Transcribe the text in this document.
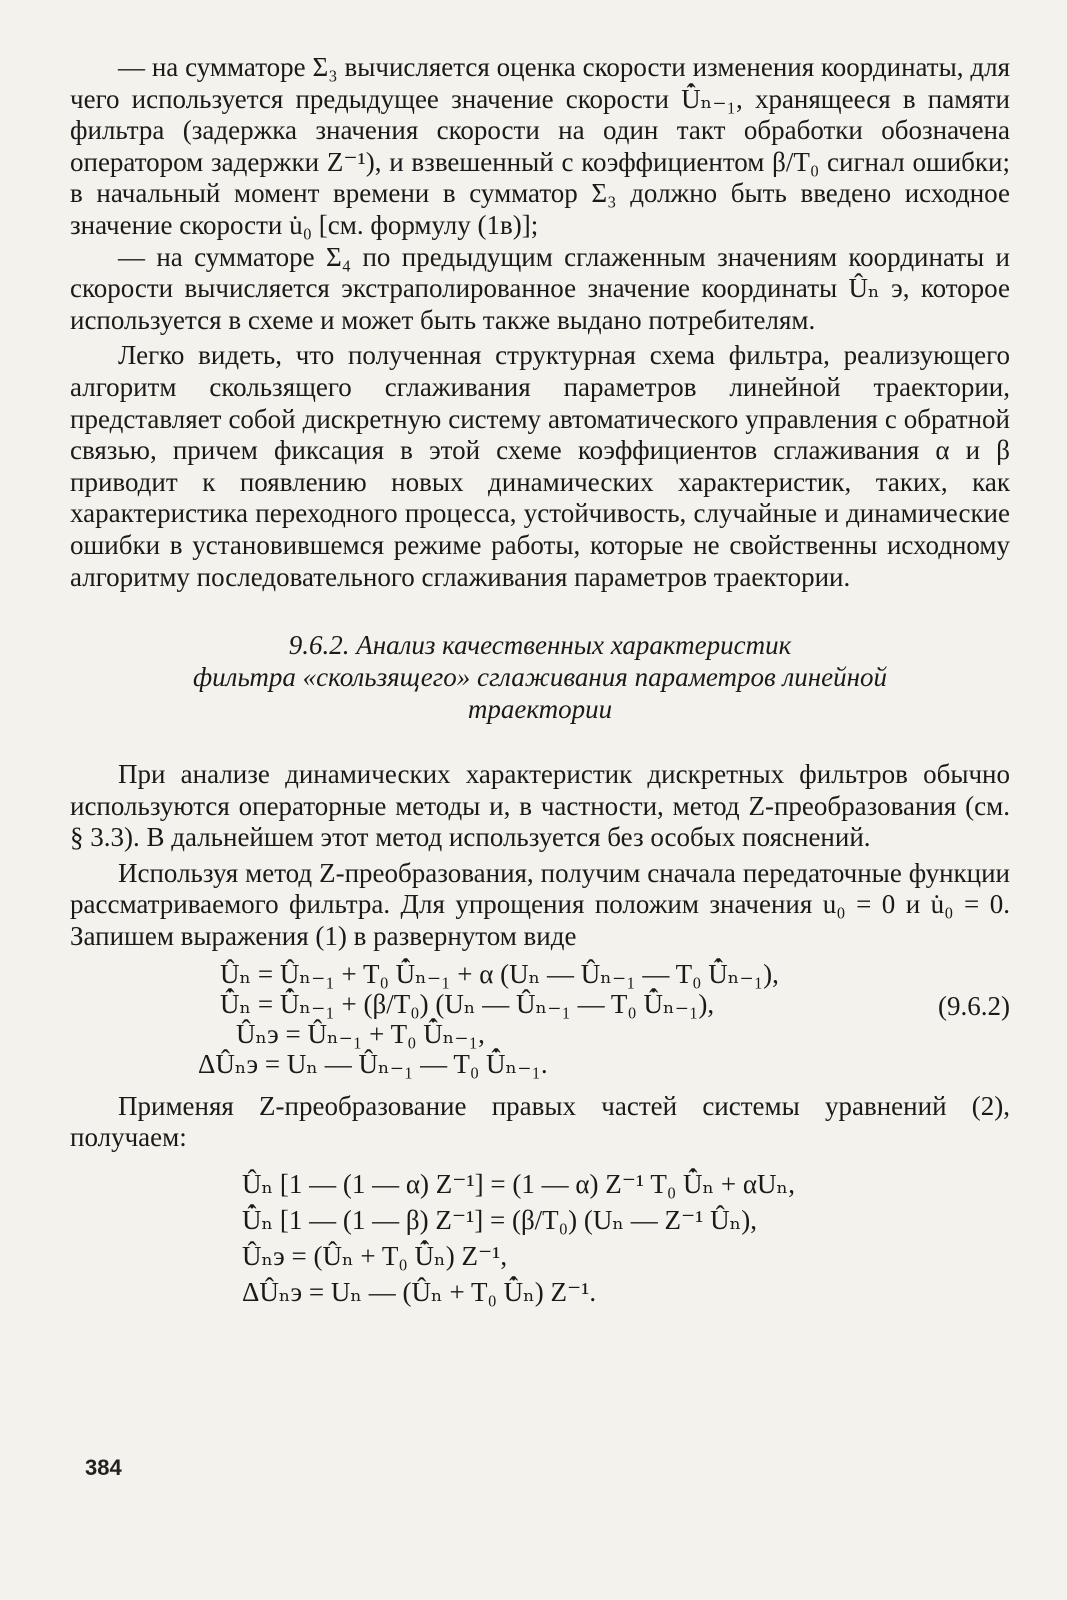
— на сумматоре Σ₃ вычисляется оценка скорости изменения координаты, для чего используется предыдущее значение скорости U̇̂ₙ₋₁, хранящееся в памяти фильтра (задержка значения скорости на один такт обработки обозначена оператором задержки Z⁻¹), и взвешенный с коэффициентом β/T₀ сигнал ошибки; в начальный момент времени в сумматор Σ₃ должно быть введено исходное значение скорости u̇₀ [см. формулу (1в)];

— на сумматоре Σ₄ по предыдущим сглаженным значениям координаты и скорости вычисляется экстраполированное значение координаты Ûₙ э, которое используется в схеме и может быть также выдано потребителям.

Легко видеть, что полученная структурная схема фильтра, реализующего алгоритм скользящего сглаживания параметров линейной траектории, представляет собой дискретную систему автоматического управления с обратной связью, причем фиксация в этой схеме коэффициентов сглаживания α и β приводит к появлению новых динамических характеристик, таких, как характеристика переходного процесса, устойчивость, случайные и динамические ошибки в установившемся режиме работы, которые не свойственны исходному алгоритму последовательного сглаживания параметров траектории.

9.6.2. Анализ качественных характеристик
фильтра «скользящего» сглаживания параметров линейной
траектории

При анализе динамических характеристик дискретных фильтров обычно используются операторные методы и, в частности, метод Z-преобразования (см. § 3.3). В дальнейшем этот метод используется без особых пояснений.

Используя метод Z-преобразования, получим сначала передаточные функции рассматриваемого фильтра. Для упрощения положим значения u₀ = 0 и u̇₀ = 0. Запишем выражения (1) в развернутом виде

Ûₙ = Ûₙ₋₁ + T₀ U̇̂ₙ₋₁ + α (Uₙ — Ûₙ₋₁ — T₀ U̇̂ₙ₋₁),
U̇̂ₙ = U̇̂ₙ₋₁ + (β/T₀) (Uₙ — Ûₙ₋₁ — T₀ U̇̂ₙ₋₁),
Ûₙэ = Ûₙ₋₁ + T₀ U̇̂ₙ₋₁,
ΔÛₙэ = Uₙ — Ûₙ₋₁ — T₀ U̇̂ₙ₋₁.
(9.6.2)

Применяя Z-преобразование правых частей системы уравнений (2), получаем:

Ûₙ [1 — (1 — α) Z⁻¹] = (1 — α) Z⁻¹ T₀ U̇̂ₙ + αUₙ,
U̇̂ₙ [1 — (1 — β) Z⁻¹] = (β/T₀) (Uₙ — Z⁻¹ Ûₙ),
Ûₙэ = (Ûₙ + T₀ U̇̂ₙ) Z⁻¹,
ΔÛₙэ = Uₙ — (Ûₙ + T₀ U̇̂ₙ) Z⁻¹.
384
